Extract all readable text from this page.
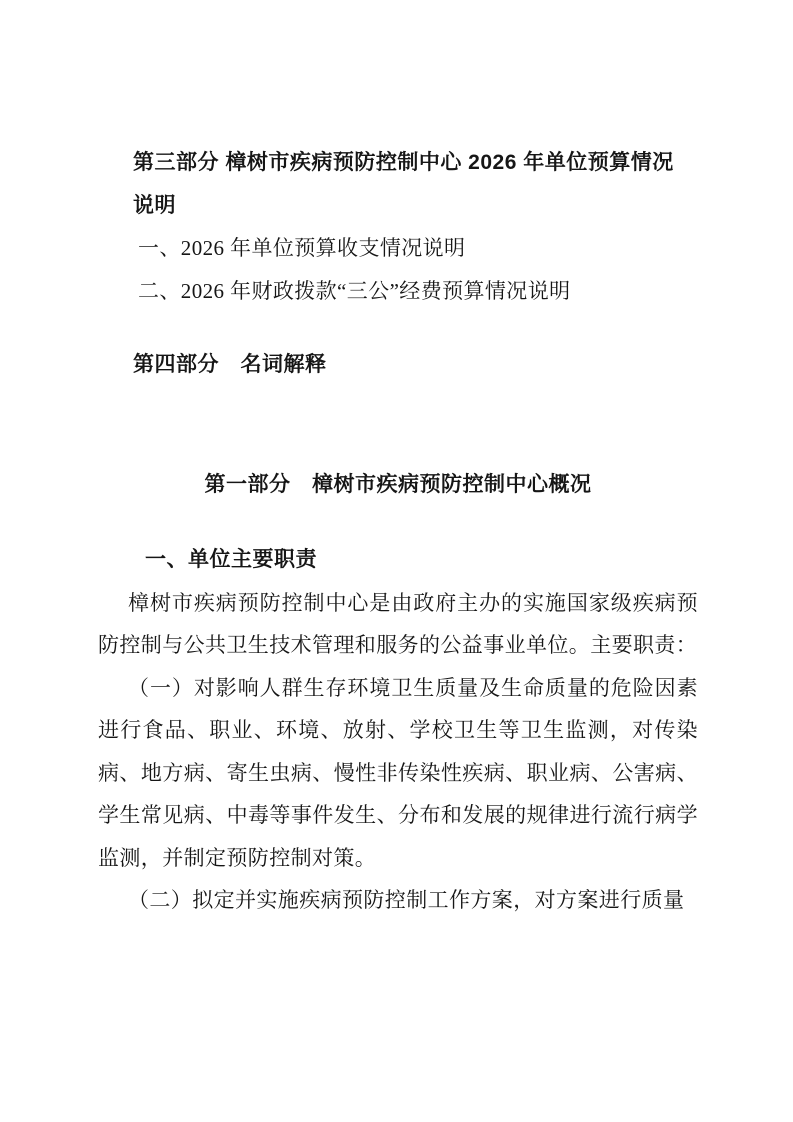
第三部分 樟树市疾病预防控制中心 2026 年单位预算情况说明

一、2026 年单位预算收支情况说明

二、2026 年财政拨款“三公”经费预算情况说明

第四部分　名词解释
第一部分　樟树市疾病预防控制中心概况
一、单位主要职责

樟树市疾病预防控制中心是由政府主办的实施国家级疾病预防控制与公共卫生技术管理和服务的公益事业单位。主要职责：

（一）对影响人群生存环境卫生质量及生命质量的危险因素进行食品、职业、环境、放射、学校卫生等卫生监测，对传染病、地方病、寄生虫病、慢性非传染性疾病、职业病、公害病、学生常见病、中毒等事件发生、分布和发展的规律进行流行病学监测，并制定预防控制对策。

（二）拟定并实施疾病预防控制工作方案，对方案进行质量
